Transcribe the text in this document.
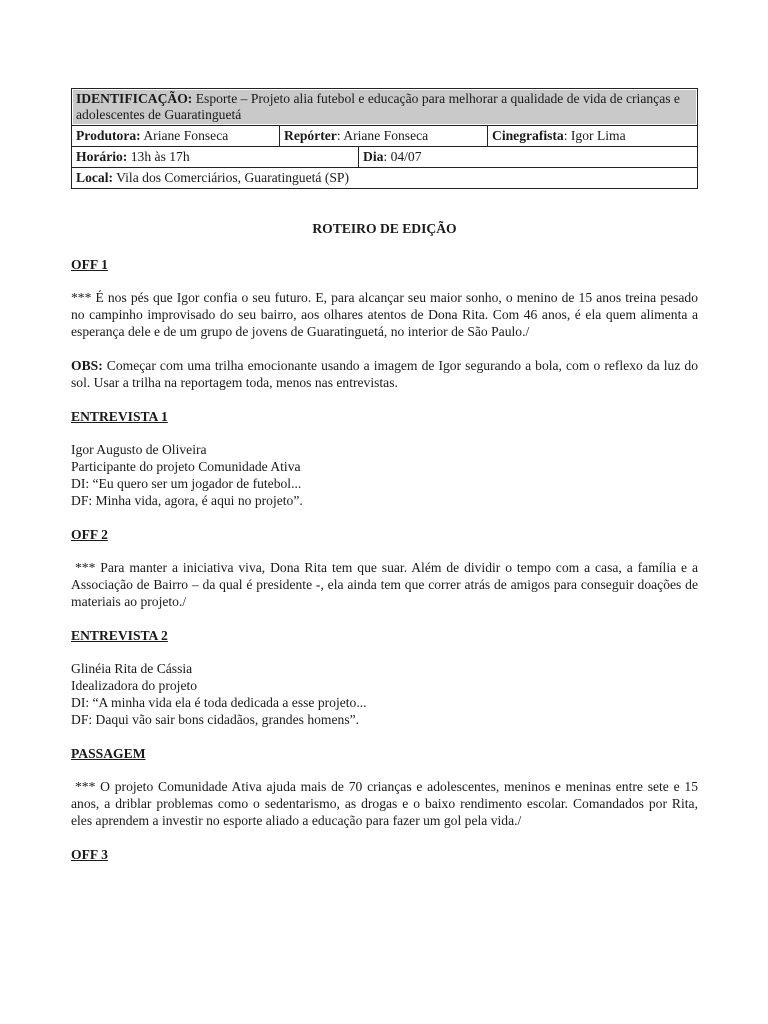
IDENTIFICAÇÃO: Esporte – Projeto alia futebol e educação para melhorar a qualidade de vida de crianças e adolescentes de Guaratinguetá			

Produtora: Ariane Fonseca	Repórter: Ariane Fonseca		Cinegrafista: Igor Lima
Horário: 13h às 17h		Dia: 04/07	
Local: Vila dos Comerciários, Guaratinguetá (SP)			
ROTEIRO DE EDIÇÃO
OFF 1

*** É nos pés que Igor confia o seu futuro. E, para alcançar seu maior sonho, o menino de 15 anos treina pesado no campinho improvisado do seu bairro, aos olhares atentos de Dona Rita. Com 46 anos, é ela quem alimenta a esperança dele e de um grupo de jovens de Guaratinguetá, no interior de São Paulo./

OBS: Começar com uma trilha emocionante usando a imagem de Igor segurando a bola, com o reflexo da luz do sol. Usar a trilha na reportagem toda, menos nas entrevistas.

ENTREVISTA 1
Igor Augusto de Oliveira
Participante do projeto Comunidade Ativa
DI: “Eu quero ser um jogador de futebol...
DF: Minha vida, agora, é aqui no projeto”.
OFF 2

*** Para manter a iniciativa viva, Dona Rita tem que suar. Além de dividir o tempo com a casa, a família e a Associação de Bairro – da qual é presidente -, ela ainda tem que correr atrás de amigos para conseguir doações de materiais ao projeto./

ENTREVISTA 2
Glinéia Rita de Cássia
Idealizadora do projeto
DI: “A minha vida ela é toda dedicada a esse projeto...
DF: Daqui vão sair bons cidadãos, grandes homens”.
PASSAGEM

*** O projeto Comunidade Ativa ajuda mais de 70 crianças e adolescentes, meninos e meninas entre sete e 15 anos, a driblar problemas como o sedentarismo, as drogas e o baixo rendimento escolar. Comandados por Rita, eles aprendem a investir no esporte aliado a educação para fazer um gol pela vida./

OFF 3
